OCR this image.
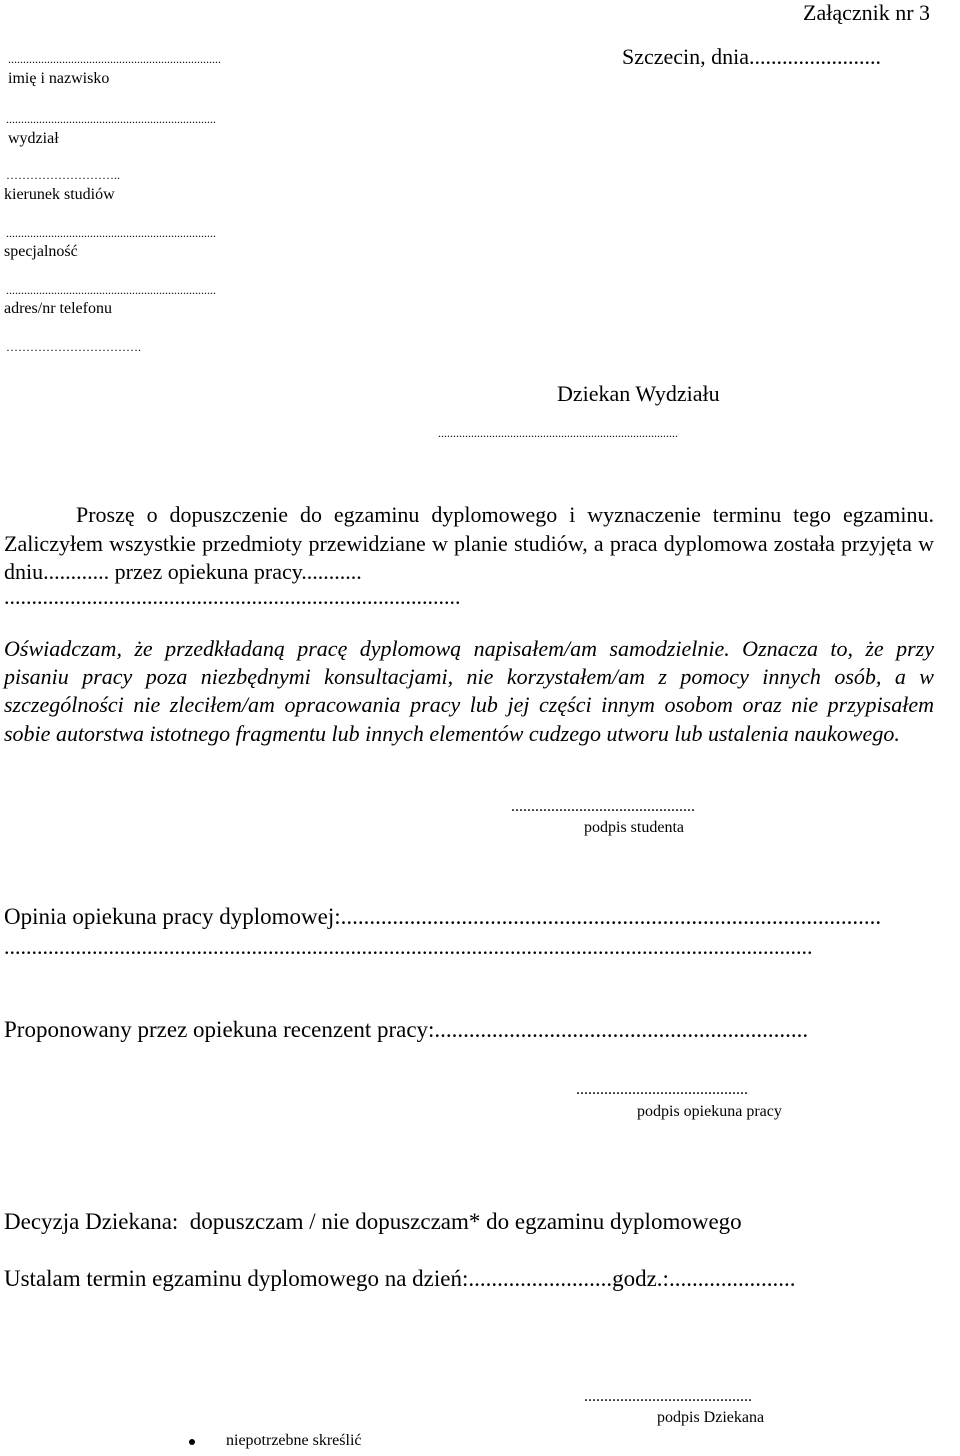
Załącznik nr 3
Szczecin, dnia........................
.......................................................................
imię i nazwisko
......................................................................
wydział
………………………..
kierunek studiów
......................................................................
specjalność
......................................................................
adres/nr telefonu
…………………………….
Dziekan Wydziału
................................................................................
Proszę o dopuszczenie do egzaminu dyplomowego i wyznaczenie terminu tego egzaminu. Zaliczyłem wszystkie przedmioty przewidziane w planie studiów, a praca dyplomowa została przyjęta w dniu............ przez opiekuna pracy...........
...................................................................................
Oświadczam, że przedkładaną pracę dyplomową napisałem/am samodzielnie. Oznacza to, że przy pisaniu pracy poza niezbędnymi konsultacjami, nie korzystałem/am z pomocy innych osób, a w szczególności nie zleciłem/am opracowania pracy lub jej części innym osobom oraz nie przypisałem sobie autorstwa istotnego fragmentu lub innych elementów cudzego utworu lub ustalenia naukowego.
..............................................
podpis studenta
Opinia opiekuna pracy dyplomowej:..............................................................................................
...................................................................................................................................................
Proponowany przez opiekuna recenzent pracy:.................................................................
...........................................
podpis opiekuna pracy
Decyzja Dziekana:  dopuszczam / nie dopuszczam* do egzaminu dyplomowego
Ustalam termin egzaminu dyplomowego na dzień:.........................godz.:......................
..........................................
podpis Dziekana
niepotrzebne skreślić
